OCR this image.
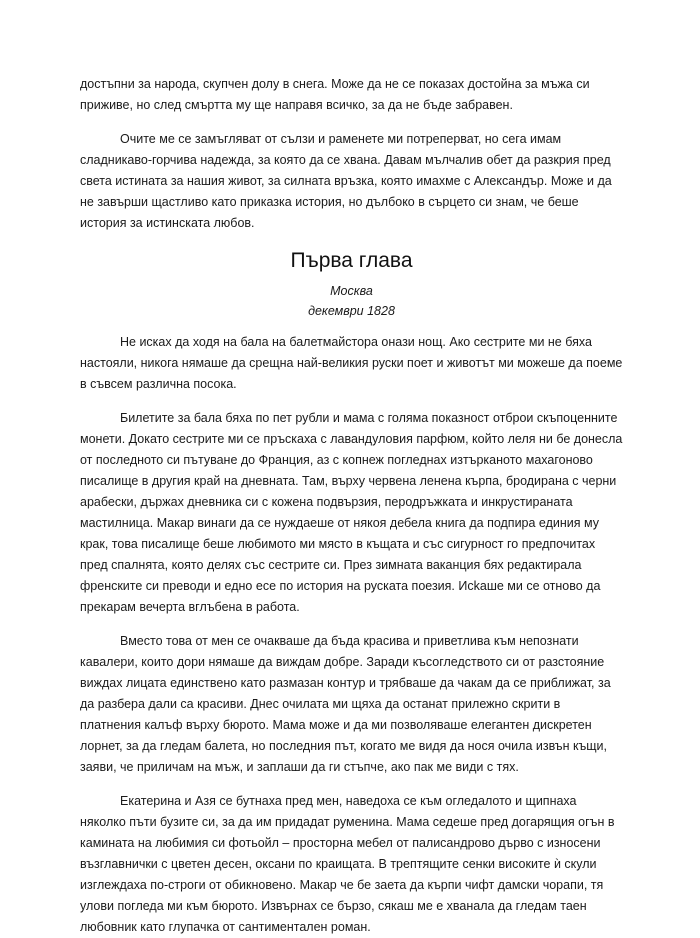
достъпни за народа, скупчен долу в снега. Може да не се показах достойна за мъжа си приживе, но след смъртта му ще направя всичко, за да не бъде забравен.

Очите ме се замъгляват от сълзи и раменете ми потреперват, но сега имам сладникаво-горчива надежда, за която да се хвана. Давам мълчалив обет да разкрия пред света истината за нашия живот, за силната връзка, която имахме с Александър. Може и да не завърши щастливо като приказка история, но дълбоко в сърцето си знам, че беше история за истинската любов.

Първа глава
Москва
декември 1828

Не исках да ходя на бала на балетмайстора онази нощ. Ако сестрите ми не бяха настояли, никога нямаше да срещна най-великия руски поет и животът ми можеше да поеме в съвсем различна посока.

Билетите за бала бяха по пет рубли и мама с голяма показност отброи скъпоценните монети. Докато сестрите ми се пръскаха с лавандуловия парфюм, който леля ни бе донесла от последното си пътуване до Франция, аз с копнеж погледнах изтърканото махагоново писалище в другия край на дневната. Там, върху червена ленена кърпа, бродирана с черни арабески, държах дневника си с кожена подвързия, перодръжката и инкрустираната мастилница. Макар винаги да се нуждаеше от някоя дебела книга да подпира единия му крак, това писалище беше любимото ми място в къщата и със сигурност го предпочитах пред спалнята, която делях със сестрите си. През зимната ваканция бях редактирала френските си преводи и едно есе по история на руската поезия. Исkаше ми се отново да прекарам вечерта вглъбена в работа.

Вместо това от мен се очакваше да бъда красива и приветлива към непознати кавалери, които дори нямаше да виждам добре. Заради късогледството си от разстояние виждах лицата единствено като размазан контур и трябваше да чакам да се приближат, за да разбера дали са красиви. Днес очилата ми щяха да останат прилежно скрити в платнения калъф върху бюрото. Мама може и да ми позволяваше елегантен дискретен лорнет, за да гледам балета, но последния път, когато ме видя да нося очила извън къщи, заяви, че приличам на мъж, и заплаши да ги стъпче, ако пак ме види с тях.

Екатерина и Азя се бутнаха пред мен, наведоха се към огледалото и щипнаха няколко пъти бузите си, за да им придадат руменина. Мама седеше пред догарящия огън в камината на любимия си фотьойл – просторна мебел от палисандрово дърво с износени възглавнички с цветен десен, оксани по краищата. В трептящите сенки високите ѝ скули изглеждаха по-строги от обикновено. Макар че бе заета да кърпи чифт дамски чорапи, тя улови погледа ми към бюрото. Извърнах се бързо, сякаш ме е хванала да гледам таен любовник като глупачка от сантиментален роман.
